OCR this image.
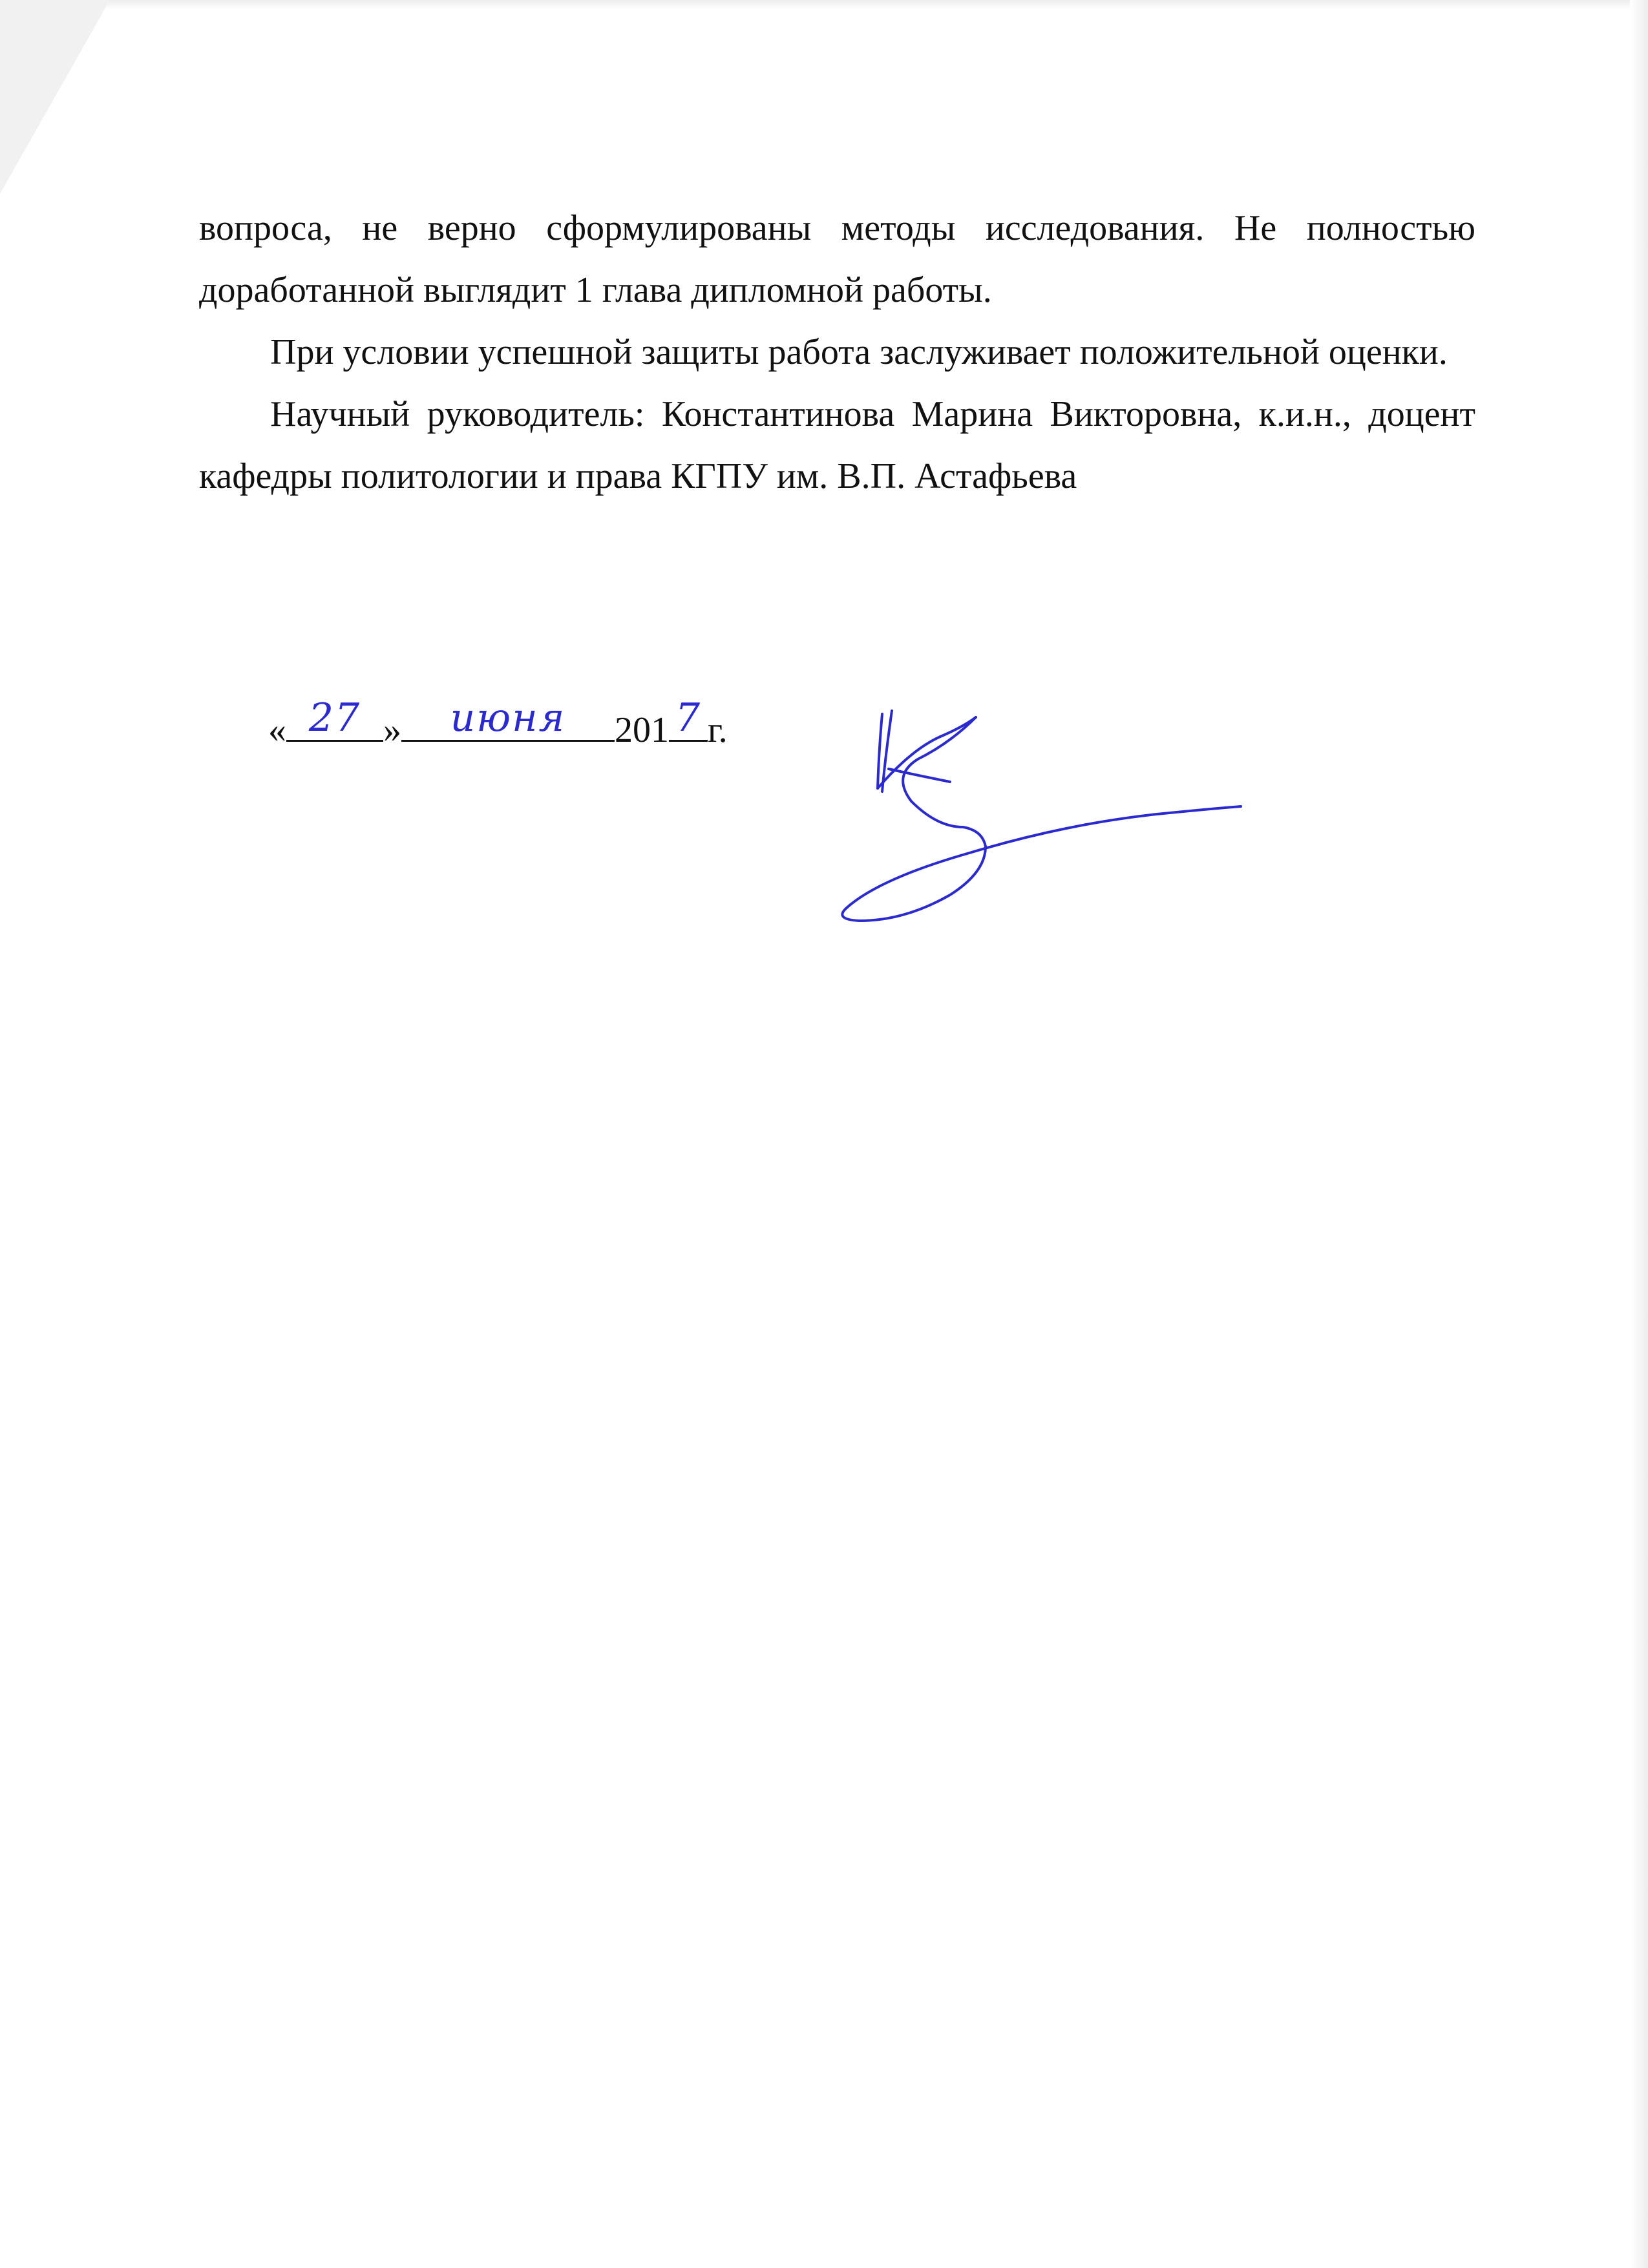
вопроса, не верно сформулированы методы исследования. Не полностью доработанной выглядит 1 глава дипломной работы.

При условии успешной защиты работа заслуживает положительной оценки.

Научный руководитель: Константинова Марина Викторовна, к.и.н., доцент кафедры политологии и права КГПУ им. В.П. Астафьева

« 27 »	июня	201 7 г.
